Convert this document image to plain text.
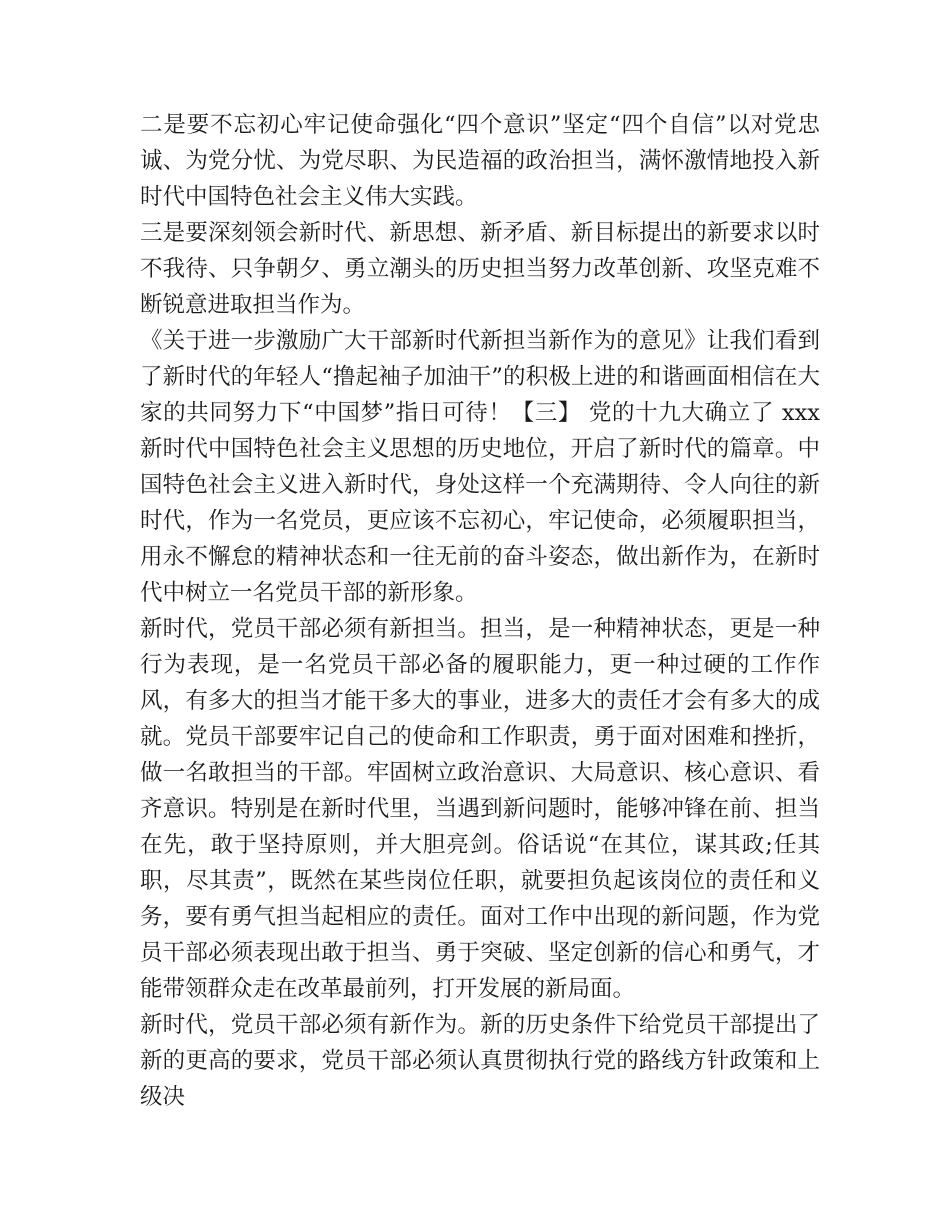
二是要不忘初心牢记使命强化“四个意识”坚定“四个自信”以对党忠诚、为党分忧、为党尽职、为民造福的政治担当，满怀激情地投入新时代中国特色社会主义伟大实践。

三是要深刻领会新时代、新思想、新矛盾、新目标提出的新要求以时不我待、只争朝夕、勇立潮头的历史担当努力改革创新、攻坚克难不断锐意进取担当作为。

《关于进一步激励广大干部新时代新担当新作为的意见》让我们看到了新时代的年轻人“撸起袖子加油干”的积极上进的和谐画面相信在大家的共同努力下“中国梦”指日可待！【三】 党的十九大确立了 xxx 新时代中国特色社会主义思想的历史地位，开启了新时代的篇章。中国特色社会主义进入新时代，身处这样一个充满期待、令人向往的新时代，作为一名党员，更应该不忘初心，牢记使命，必须履职担当，用永不懈怠的精神状态和一往无前的奋斗姿态，做出新作为，在新时代中树立一名党员干部的新形象。

新时代，党员干部必须有新担当。担当，是一种精神状态，更是一种行为表现，是一名党员干部必备的履职能力，更一种过硬的工作作风，有多大的担当才能干多大的事业，进多大的责任才会有多大的成就。党员干部要牢记自己的使命和工作职责，勇于面对困难和挫折，做一名敢担当的干部。牢固树立政治意识、大局意识、核心意识、看齐意识。特别是在新时代里，当遇到新问题时，能够冲锋在前、担当在先，敢于坚持原则，并大胆亮剑。俗话说“在其位，谋其政;任其职，尽其责”，既然在某些岗位任职，就要担负起该岗位的责任和义务，要有勇气担当起相应的责任。面对工作中出现的新问题，作为党员干部必须表现出敢于担当、勇于突破、坚定创新的信心和勇气，才能带领群众走在改革最前列，打开发展的新局面。

新时代，党员干部必须有新作为。新的历史条件下给党员干部提出了新的更高的要求，党员干部必须认真贯彻执行党的路线方针政策和上级决
